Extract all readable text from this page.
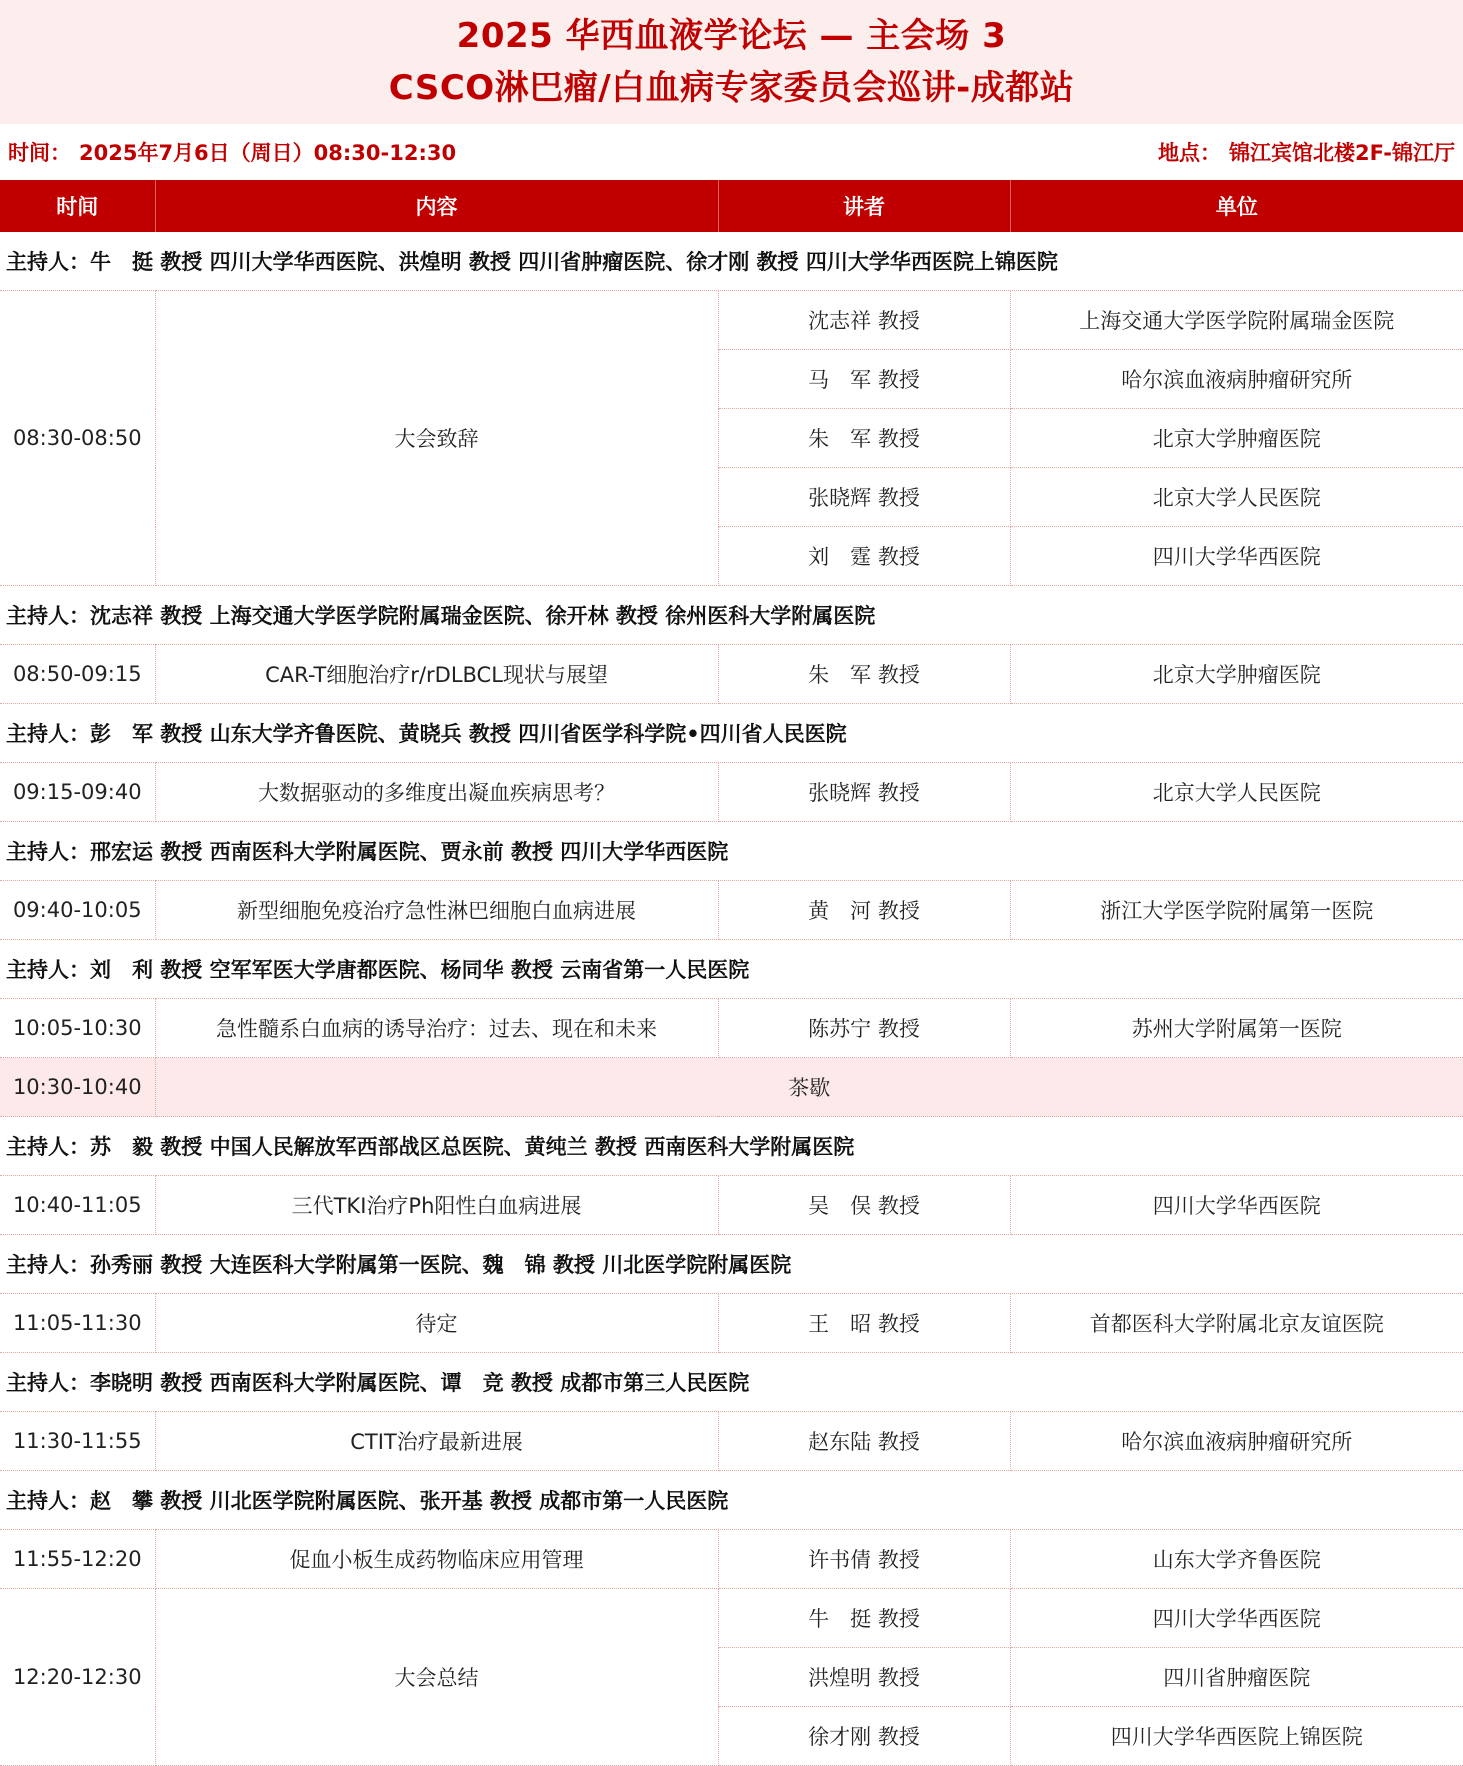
2025 华西血液学论坛 — 主会场 3
CSCO淋巴瘤/白血病专家委员会巡讲-成都站
时间： 2025年7月6日（周日）08:30-12:30	地点： 锦江宾馆北楼2F-锦江厅
时间	内容	讲者	单位
主持人：牛　挺 教授 四川大学华西医院、洪煌明 教授 四川省肿瘤医院、徐才刚 教授 四川大学华西医院上锦医院			
08:30-08:50	大会致辞	沈志祥 教授	上海交通大学医学院附属瑞金医院
		马　军 教授	哈尔滨血液病肿瘤研究所
		朱　军 教授	北京大学肿瘤医院
		张晓辉 教授	北京大学人民医院
		刘　霆 教授	四川大学华西医院
主持人：沈志祥 教授 上海交通大学医学院附属瑞金医院、徐开林 教授 徐州医科大学附属医院			
08:50-09:15	CAR-T细胞治疗r/rDLBCL现状与展望	朱　军 教授	北京大学肿瘤医院
主持人：彭　军 教授 山东大学齐鲁医院、黄晓兵 教授 四川省医学科学院•四川省人民医院			
09:15-09:40	大数据驱动的多维度出凝血疾病思考？	张晓辉 教授	北京大学人民医院
主持人：邢宏运 教授 西南医科大学附属医院、贾永前 教授 四川大学华西医院			
09:40-10:05	新型细胞免疫治疗急性淋巴细胞白血病进展	黄　河 教授	浙江大学医学院附属第一医院
主持人：刘　利 教授 空军军医大学唐都医院、杨同华 教授 云南省第一人民医院			
10:05-10:30	急性髓系白血病的诱导治疗：过去、现在和未来	陈苏宁 教授	苏州大学附属第一医院
10:30-10:40	茶歇		
主持人：苏　毅 教授 中国人民解放军西部战区总医院、黄纯兰 教授 西南医科大学附属医院			
10:40-11:05	三代TKI治疗Ph阳性白血病进展	吴　俣 教授	四川大学华西医院
主持人：孙秀丽 教授 大连医科大学附属第一医院、魏　锦 教授 川北医学院附属医院			
11:05-11:30	待定	王　昭 教授	首都医科大学附属北京友谊医院
主持人：李晓明 教授 西南医科大学附属医院、谭　竞 教授 成都市第三人民医院			
11:30-11:55	CTIT治疗最新进展	赵东陆 教授	哈尔滨血液病肿瘤研究所
主持人：赵　攀 教授 川北医学院附属医院、张开基 教授 成都市第一人民医院			
11:55-12:20	促血小板生成药物临床应用管理	许书倩 教授	山东大学齐鲁医院
12:20-12:30	大会总结	牛　挺 教授	四川大学华西医院
		洪煌明 教授	四川省肿瘤医院
		徐才刚 教授	四川大学华西医院上锦医院
